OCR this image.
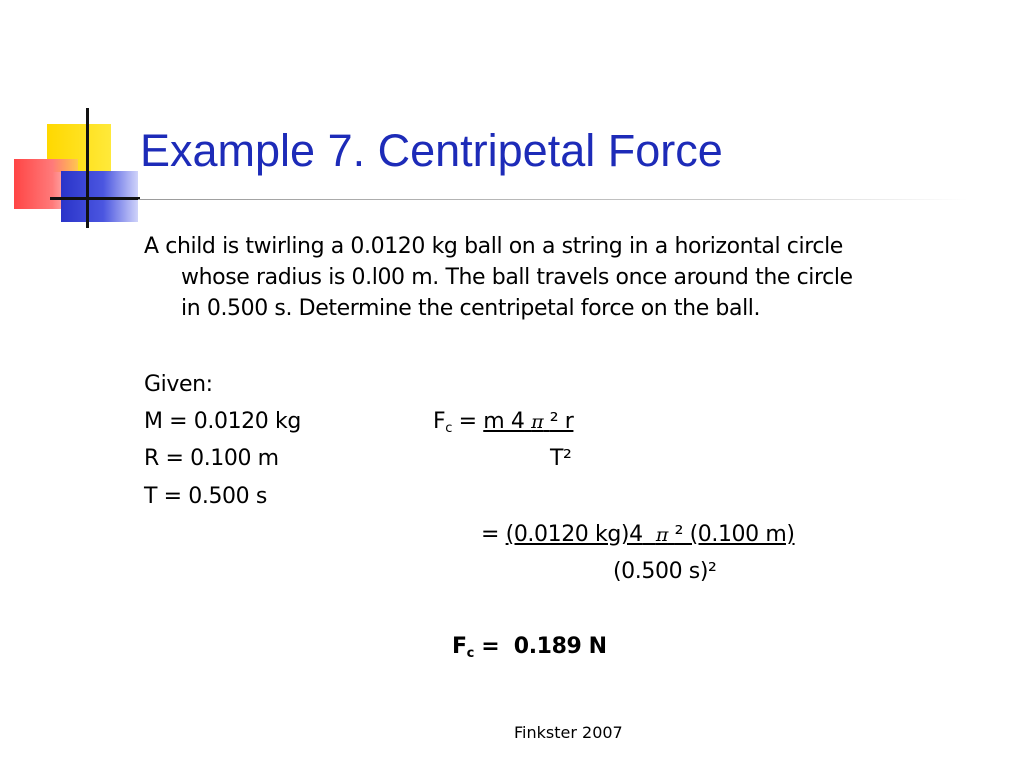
Example 7. Centripetal Force
A child is twirling a 0.0120 kg ball on a string in a horizontal circle
whose radius is 0.l00 m. The ball travels once around the circle
in 0.500 s. Determine the centripetal force on the ball.
Given:
M = 0.0120 kg
R = 0.100 m
T = 0.500 s
$F_c = m$ 4 π ² r
T²
= (0.0120 kg)4 π ² (0.100 m)
(0.500 s)²
$F_c = 0.189$ N
Finkster 2007
